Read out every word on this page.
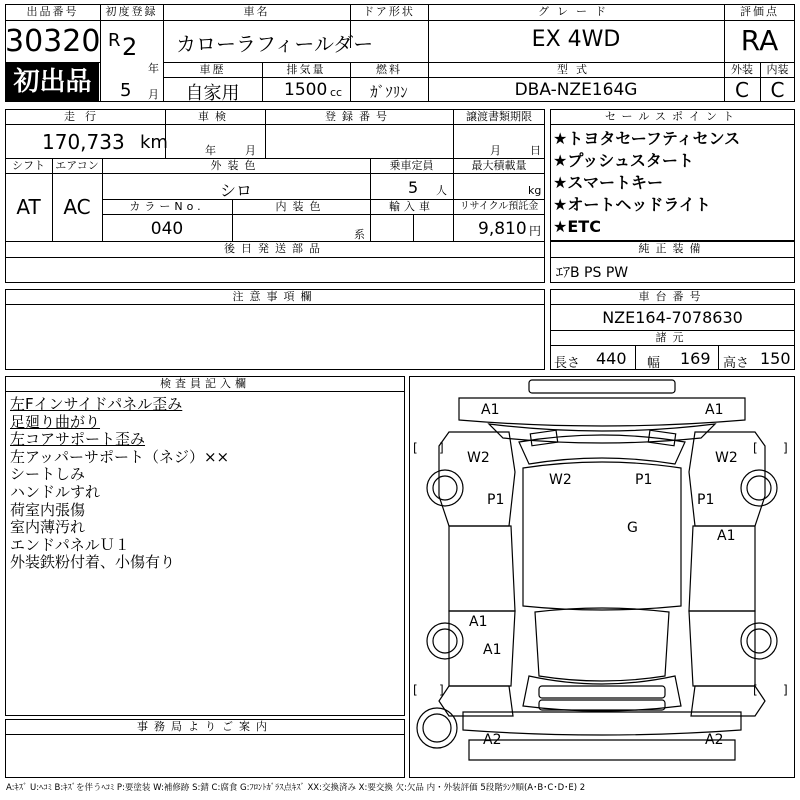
出品番号
30320
初出品
初度登録
R 2
年
5 月
車名
カローラフィールダー
ドア形状	グレード
EX 4WD
評価点
RA
車歴
自家用
排気量
1500 cc
燃料
ｶﾞｿﾘﾝ
型式
DBA-NZE164G
外装
C
内装
C
走行
170,733 km
車検
年	月
登録番号	譲渡書類期限
月	日
シフト
AT
エアコン
AC
外装色
シロ
乗車定員
5 人
最大積載量
kg
カラーNo.
040
内装色
系
輸入車	リサイクル預託金
9,810 円
後日発送部品
セールスポイント
★トヨタセーフティセンス
★プッシュスタート
★スマートキー
★オートヘッドライト
★ETC
純正装備
ｴｱB PS PW
注意事項欄	車台番号
NZE164-7078630
諸元
長さ 440 幅 169 高さ 150
検査員記入欄
左Fインサイドパネル歪み
足廻り曲がり
左コアサポート歪み
左アッパーサポート（ネジ）××
シートしみ
ハンドルすれ
荷室内張傷
室内薄汚れ
エンドパネルＵ１
外装鉄粉付着、小傷有り
事務局よりご案内
A1	A1
W2	W2
W2	P1
P1	P1
G	A1
A1
A1
A2	A2
[ ]	[ ]
[ ]	[ ]
A:ｷｽﾞ U:ﾍｺﾐ B:ｷｽﾞを伴うﾍｺﾐ P:要塗装 W:補修跡 S:錆 C:腐食 G:ﾌﾛﾝﾄｶﾞﾗｽ点ｷｽﾞ XX:交換済み X:要交換 欠:欠品 内・外装評価 5段階ﾗﾝｸ順(A･B･C･D･E) 2
